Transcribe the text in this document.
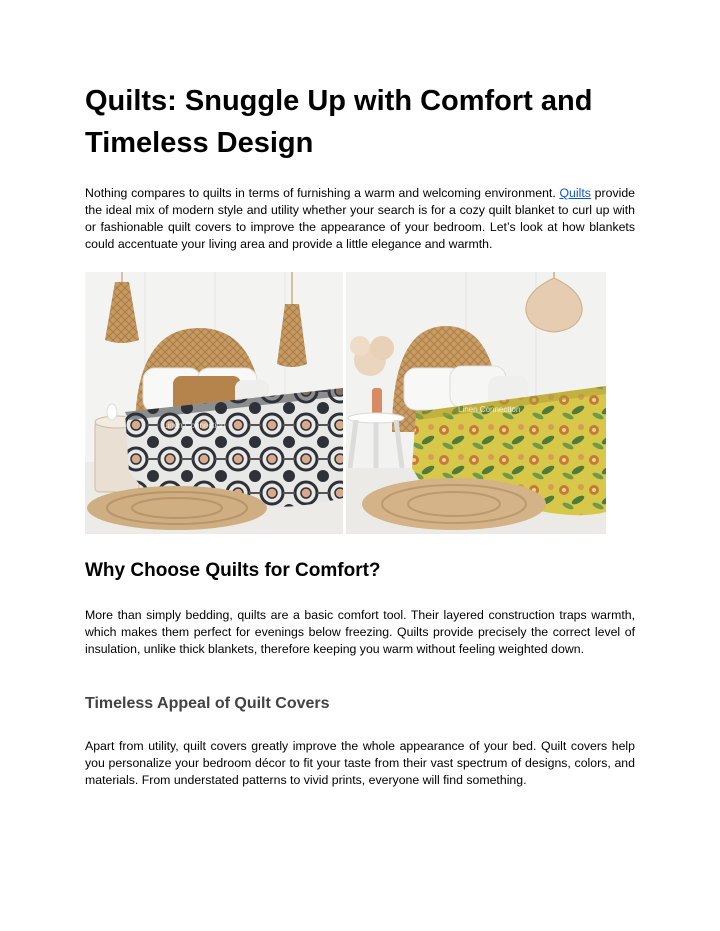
Quilts: Snuggle Up with Comfort and Timeless Design

Nothing compares to quilts in terms of furnishing a warm and welcoming environment. Quilts provide the ideal mix of modern style and utility whether your search is for a cozy quilt blanket to curl up with or fashionable quilt covers to improve the appearance of your bedroom. Let’s look at how blankets could accentuate your living area and provide a little elegance and warmth.

Linen Connection
Linen Connection
Why Choose Quilts for Comfort?

More than simply bedding, quilts are a basic comfort tool. Their layered construction traps warmth, which makes them perfect for evenings below freezing. Quilts provide precisely the correct level of insulation, unlike thick blankets, therefore keeping you warm without feeling weighted down.

Timeless Appeal of Quilt Covers

Apart from utility, quilt covers greatly improve the whole appearance of your bed. Quilt covers help you personalize your bedroom décor to fit your taste from their vast spectrum of designs, colors, and materials. From understated patterns to vivid prints, everyone will find something.
